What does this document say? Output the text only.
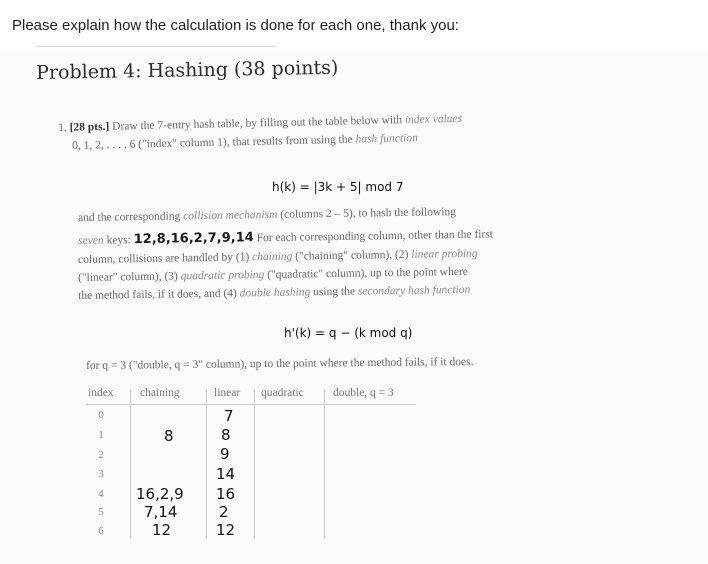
Please explain how the calculation is done for each one, thank you:
Problem 4: Hashing (38 points)
1. [28 pts.] Draw the 7-entry hash table, by filling out the table below with index values
0, 1, 2, . . . , 6 ("index" column 1), that results from using the hash function
h(k) = |3k + 5| mod 7
and the corresponding collision mechanism (columns 2 – 5), to hash the following
seven keys: 12,8,16,2,7,9,14 For each corresponding column, other than the first
column, collisions are handled by (1) chaining ("chaining" column), (2) linear probing
("linear" column), (3) quadratic probing ("quadratic" column), up to the point where
the method fails, if it does, and (4) double hashing using the secondary hash function
h'(k) = q − (k mod q)
for q = 3 ("double, q = 3" column), up to the point where the method fails, if it does.
index chaining	linear quadratic	double, q = 3
0
1
2
3
4
5
6
8
16,2,9
7,14
12
7
8
9
14
16
2
12
